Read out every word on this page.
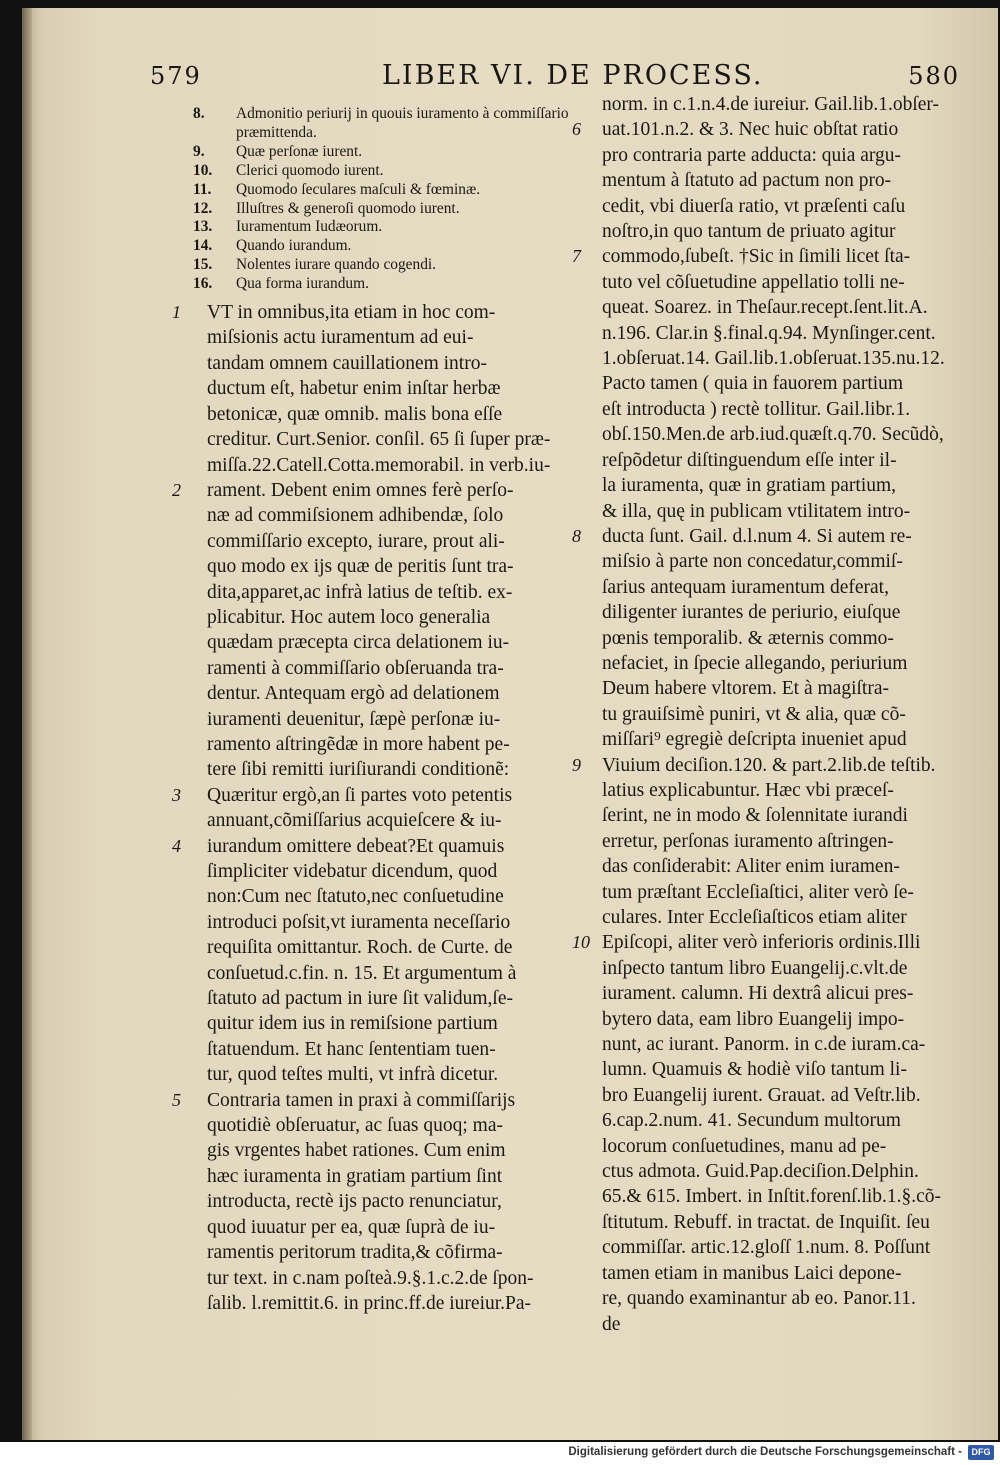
579	LIBER VI. DE PROCESS.	580
8. Admonitio periurij in quouis iuramento à commiſſario præmittenda.
9. Quæ perſonæ iurent.
10. Clerici quomodo iurent.
11. Quomodo ſeculares maſculi & fœminæ.
12. Illuſtres & generoſi quomodo iurent.
13. Iuramentum Iudæorum.
14. Quando iurandum.
15. Nolentes iurare quando cogendi.
16. Qua forma iurandum.
1 VT in omnibus,ita etiam in hoc com-
miſsionis actu iuramentum ad eui-
tandam omnem cauillationem intro-
ductum eſt, habetur enim inſtar herbæ
betonicæ, quæ omnib. malis bona eſſe
creditur. Curt.Senior. conſil. 65 ſi ſuper præ-
miſſa.22.Catell.Cotta.memorabil. in verb.iu-
2 rament. Debent enim omnes ferè perſo-
næ ad commiſsionem adhibendæ, ſolo
commiſſario excepto, iurare, prout ali-
quo modo ex ijs quæ de peritis ſunt tra-
dita,apparet,ac infrà latius de teſtib. ex-
plicabitur. Hoc autem loco generalia
quædam præcepta circa delationem iu-
ramenti à commiſſario obſeruanda tra-
dentur. Antequam ergò ad delationem
iuramenti deuenitur, ſæpè perſonæ iu-
ramento aſtringẽdæ in more habent pe-
tere ſibi remitti iuriſiurandi conditionẽ:
3 Quæritur ergò,an ſi partes voto petentis
annuant,cõmiſſarius acquieſcere & iu-
4 iurandum omittere debeat?Et quamuis
ſimpliciter videbatur dicendum, quod
non:Cum nec ſtatuto,nec conſuetudine
introduci poſsit,vt iuramenta neceſſario
requiſita omittantur. Roch. de Curte. de
conſuetud.c.fin. n. 15. Et argumentum à
ſtatuto ad pactum in iure ſit validum,ſe-
quitur idem ius in remiſsione partium
ſtatuendum. Et hanc ſententiam tuen-
tur, quod teſtes multi, vt infrà dicetur.
5 Contraria tamen in praxi à commiſſarijs
quotidiè obſeruatur, ac ſuas quoq; ma-
gis vrgentes habet rationes. Cum enim
hæc iuramenta in gratiam partium ſint
introducta, rectè ijs pacto renunciatur,
quod iuuatur per ea, quæ ſuprà de iu-
ramentis peritorum tradita,& cõfirma-
tur text. in c.nam poſteà.9.§.1.c.2.de ſpon-
ſalib. l.remittit.6. in princ.ff.de iureiur.Pa-
norm. in c.1.n.4.de iureiur. Gail.lib.1.obſer-
6 uat.101.n.2. & 3. Nec huic obſtat ratio
pro contraria parte adducta: quia argu-
mentum à ſtatuto ad pactum non pro-
cedit, vbi diuerſa ratio, vt præſenti caſu
noſtro,in quo tantum de priuato agitur
7 commodo,ſubeſt. †Sic in ſimili licet ſta-
tuto vel cõſuetudine appellatio tolli ne-
queat. Soarez. in Theſaur.recept.ſent.lit.A.
n.196. Clar.in §.final.q.94. Mynſinger.cent.
1.obſeruat.14. Gail.lib.1.obſeruat.135.nu.12.
Pacto tamen ( quia in fauorem partium
eſt introducta ) rectè tollitur. Gail.libr.1.
obſ.150.Men.de arb.iud.quæſt.q.70. Secũdò,
reſpõdetur diſtinguendum eſſe inter il-
la iuramenta, quæ in gratiam partium,
& illa, quę in publicam vtilitatem intro-
8 ducta ſunt. Gail. d.l.num 4. Si autem re-
miſsio à parte non concedatur,commiſ-
ſarius antequam iuramentum deferat,
diligenter iurantes de periurio, eiuſque
pœnis temporalib. & æternis commo-
nefaciet, in ſpecie allegando, periurium
Deum habere vltorem. Et à magiſtra-
tu grauiſsimè puniri, vt & alia, quæ cõ-
miſſari⁹ egregiè deſcripta inueniet apud
9 Viuium deciſion.120. & part.2.lib.de teſtib.
latius explicabuntur. Hæc vbi præceſ-
ſerint, ne in modo & ſolennitate iurandi
erretur, perſonas iuramento aſtringen-
das conſiderabit: Aliter enim iuramen-
tum præſtant Eccleſiaſtici, aliter verò ſe-
culares. Inter Eccleſiaſticos etiam aliter
10 Epiſcopi, aliter verò inferioris ordinis.Illi
inſpecto tantum libro Euangelij.c.vlt.de
iurament. calumn. Hi dextrâ alicui pres-
bytero data, eam libro Euangelij impo-
nunt, ac iurant. Panorm. in c.de iuram.ca-
lumn. Quamuis & hodiè viſo tantum li-
bro Euangelij iurent. Grauat. ad Veſtr.lib.
6.cap.2.num. 41. Secundum multorum
locorum conſuetudines, manu ad pe-
ctus admota. Guid.Pap.deciſion.Delphin.
65.& 615. Imbert. in Inſtit.forenſ.lib.1.§.cõ-
ſtitutum. Rebuff. in tractat. de Inquiſit. ſeu
commiſſar. artic.12.gloſſ 1.num. 8. Poſſunt
tamen etiam in manibus Laici depone-
re, quando examinantur ab eo. Panor.11.
de
Digitalisierung gefördert durch die Deutsche Forschungsgemeinschaft -	DFG
